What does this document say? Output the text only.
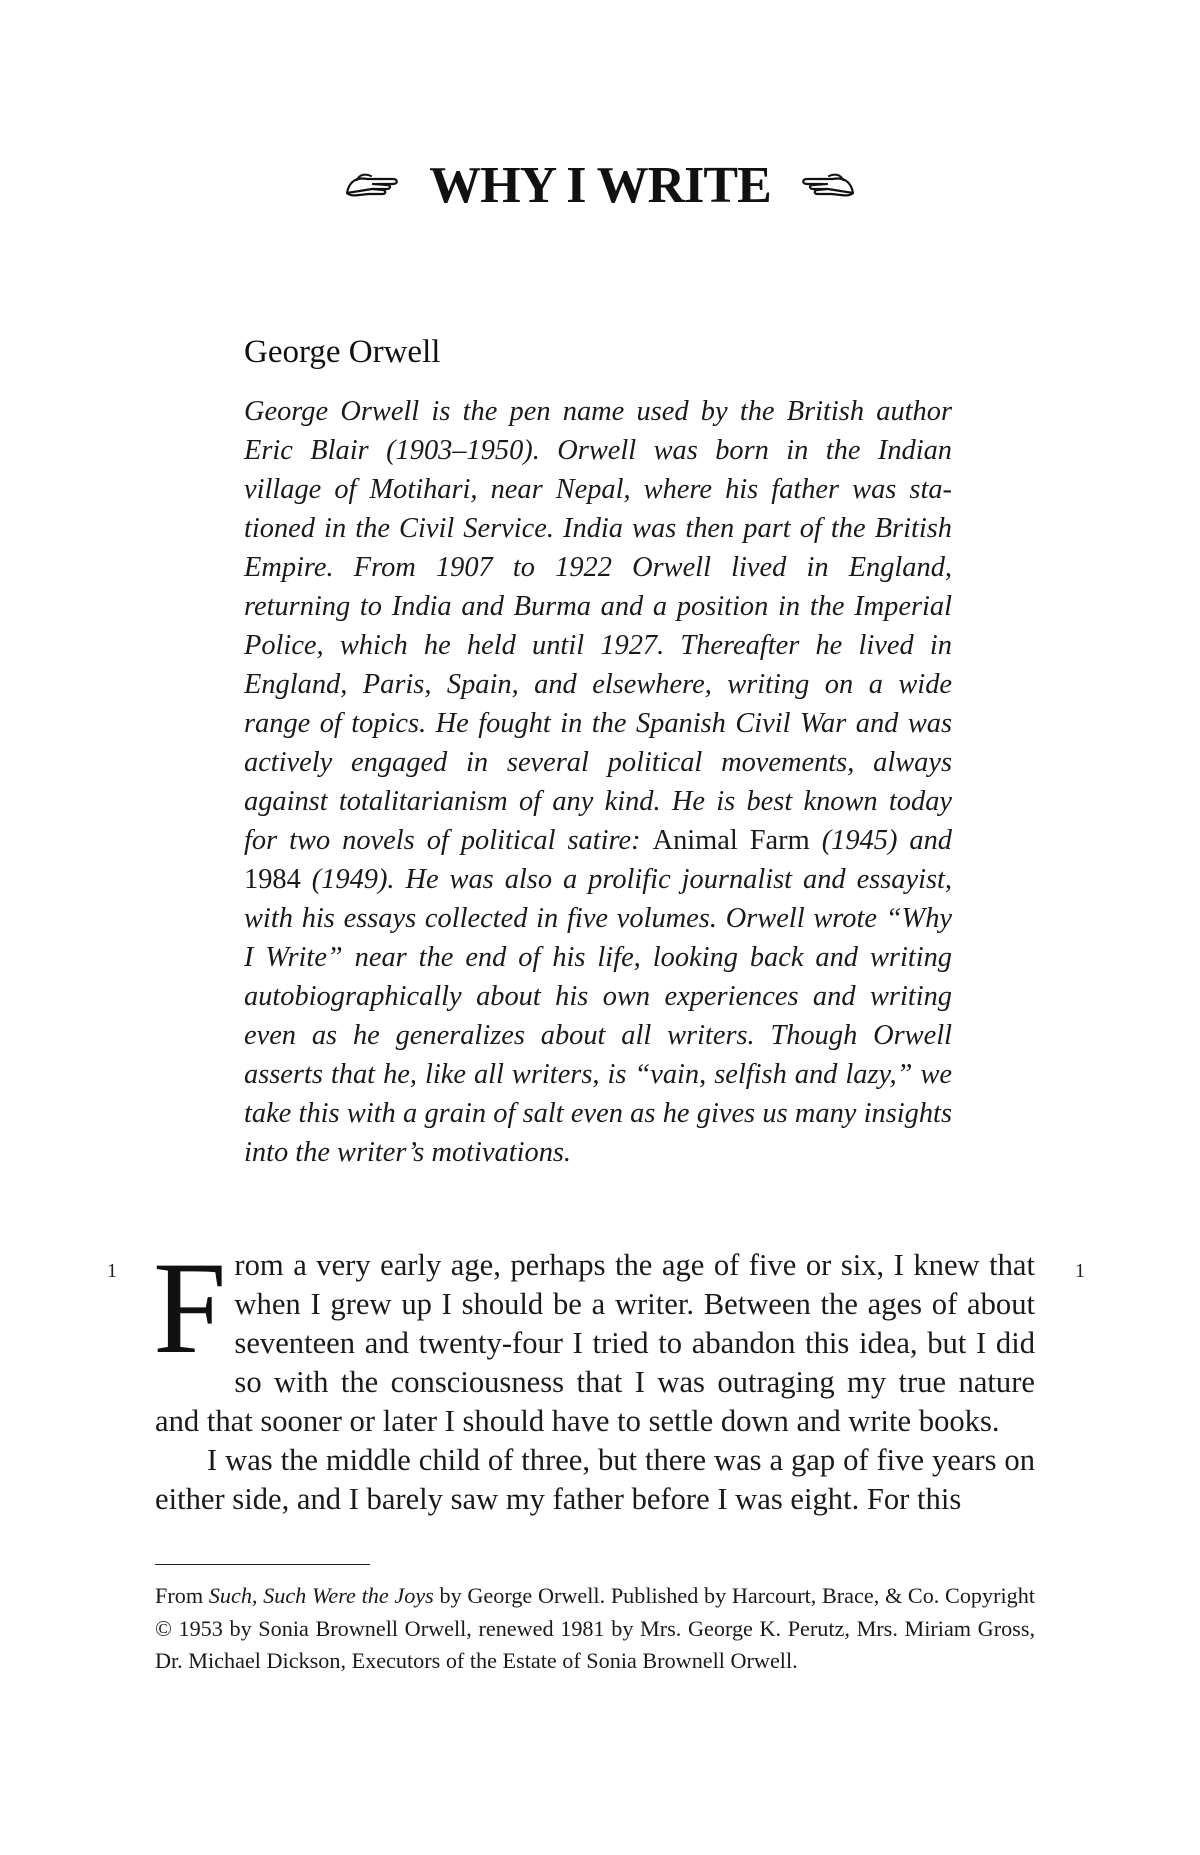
WHY I WRITE
George Orwell
George Orwell is the pen name used by the British author Eric Blair (1903–1950). Orwell was born in the Indian village of Motihari, near Nepal, where his father was stationed in the Civil Service. India was then part of the British Empire. From 1907 to 1922 Orwell lived in England, returning to India and Burma and a position in the Imperial Police, which he held until 1927. Thereafter he lived in England, Paris, Spain, and elsewhere, writing on a wide range of topics. He fought in the Spanish Civil War and was actively engaged in several political movements, always against totalitarianism of any kind. He is best known today for two novels of political satire: Animal Farm (1945) and 1984 (1949). He was also a prolific journalist and essayist, with his essays collected in five volumes. Orwell wrote “Why I Write” near the end of his life, looking back and writing autobiographically about his own experiences and writing even as he generalizes about all writers. Though Orwell asserts that he, like all writers, is “vain, selfish and lazy,” we take this with a grain of salt even as he gives us many insights into the writer’s motivations.
1	1

From a very early age, perhaps the age of five or six, I knew that when I grew up I should be a writer. Between the ages of about seventeen and twenty-four I tried to abandon this idea, but I did so with the consciousness that I was outraging my true nature and that sooner or later I should have to settle down and write books.

I was the middle child of three, but there was a gap of five years on either side, and I barely saw my father before I was eight. For this

From Such, Such Were the Joys by George Orwell. Published by Harcourt, Brace, & Co. Copyright © 1953 by Sonia Brownell Orwell, renewed 1981 by Mrs. George K. Perutz, Mrs. Miriam Gross, Dr. Michael Dickson, Executors of the Estate of Sonia Brownell Orwell.
